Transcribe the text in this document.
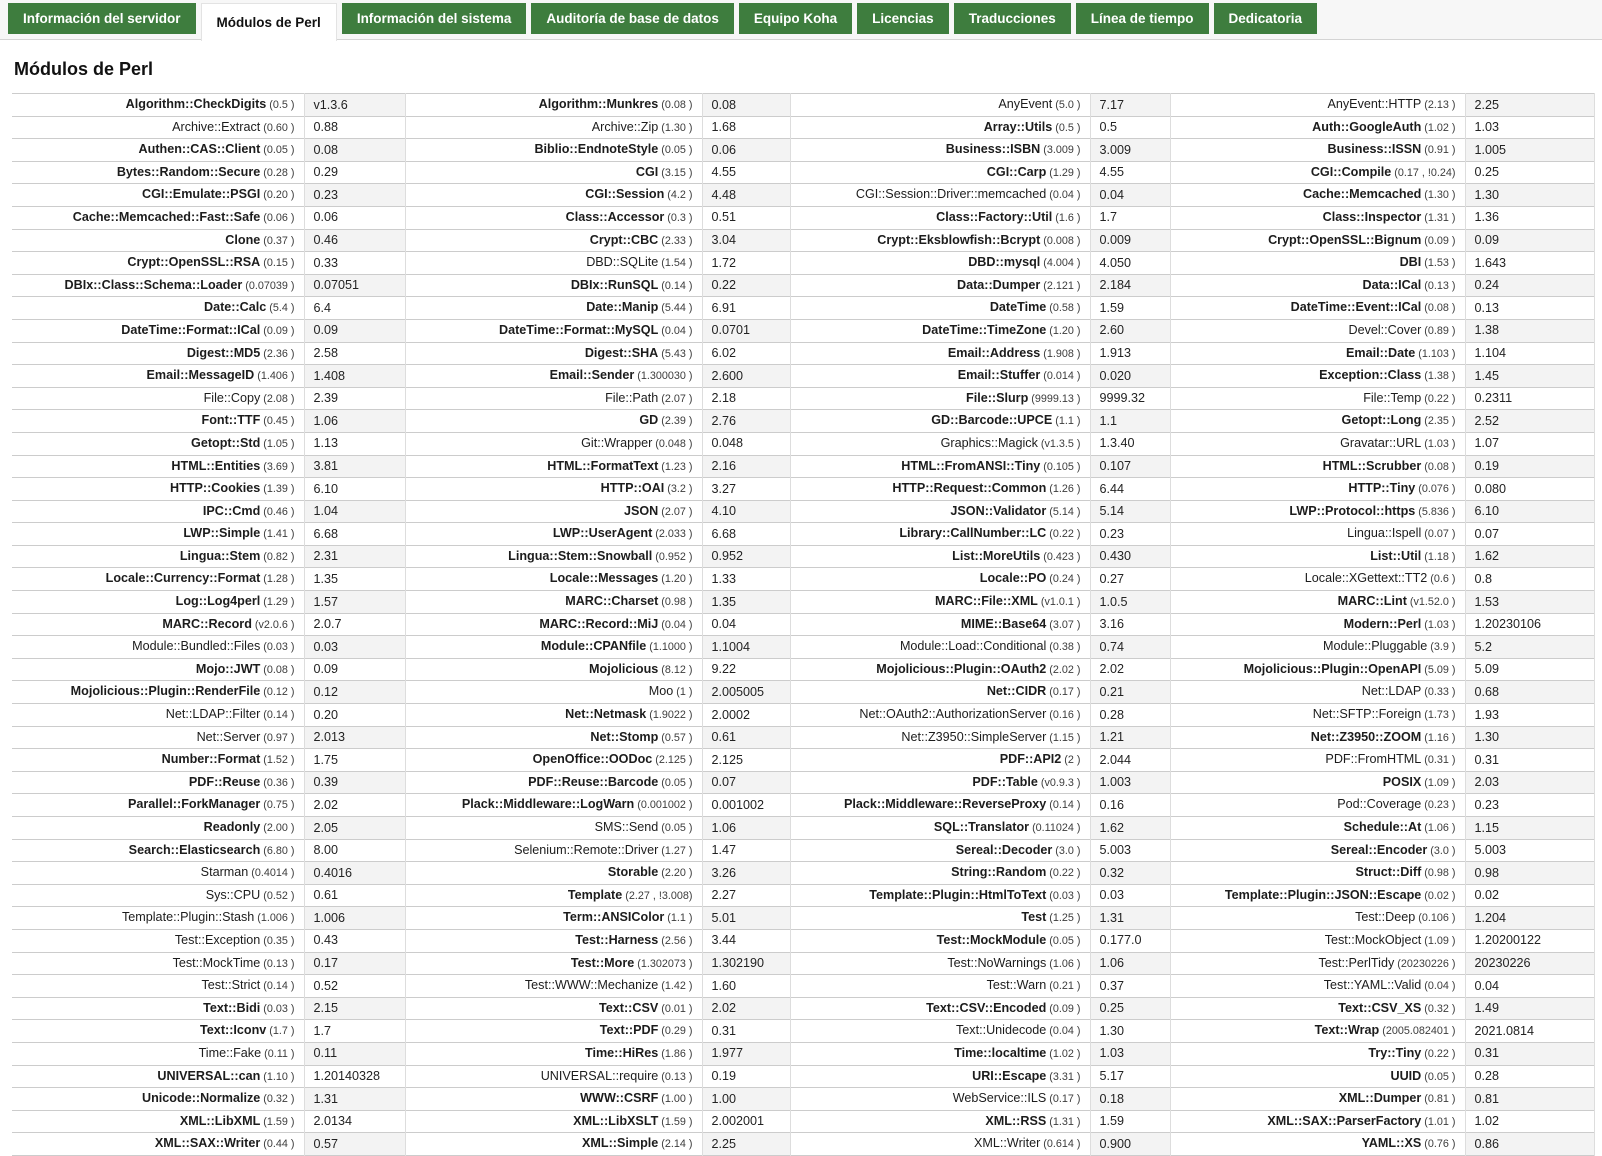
Información del servidor	Módulos de Perl	Información del sistema	Auditoría de base de datos	Equipo Koha	Licencias	Traducciones	Línea de tiempo	Dedicatoria
Módulos de Perl
Algorithm::CheckDigits (0.5 )	v1.3.6	Algorithm::Munkres (0.08 )	0.08	AnyEvent (5.0 )	7.17	AnyEvent::HTTP (2.13 )	2.25
Archive::Extract (0.60 )	0.88	Archive::Zip (1.30 )	1.68	Array::Utils (0.5 )	0.5	Auth::GoogleAuth (1.02 )	1.03
Authen::CAS::Client (0.05 )	0.08	Biblio::EndnoteStyle (0.05 )	0.06	Business::ISBN (3.009 )	3.009	Business::ISSN (0.91 )	1.005
Bytes::Random::Secure (0.28 )	0.29	CGI (3.15 )	4.55	CGI::Carp (1.29 )	4.55	CGI::Compile (0.17 , !0.24)	0.25
CGI::Emulate::PSGI (0.20 )	0.23	CGI::Session (4.2 )	4.48	CGI::Session::Driver::memcached (0.04 )	0.04	Cache::Memcached (1.30 )	1.30
Cache::Memcached::Fast::Safe (0.06 )	0.06	Class::Accessor (0.3 )	0.51	Class::Factory::Util (1.6 )	1.7	Class::Inspector (1.31 )	1.36
Clone (0.37 )	0.46	Crypt::CBC (2.33 )	3.04	Crypt::Eksblowfish::Bcrypt (0.008 )	0.009	Crypt::OpenSSL::Bignum (0.09 )	0.09
Crypt::OpenSSL::RSA (0.15 )	0.33	DBD::SQLite (1.54 )	1.72	DBD::mysql (4.004 )	4.050	DBI (1.53 )	1.643
DBIx::Class::Schema::Loader (0.07039 )	0.07051	DBIx::RunSQL (0.14 )	0.22	Data::Dumper (2.121 )	2.184	Data::ICal (0.13 )	0.24
Date::Calc (5.4 )	6.4	Date::Manip (5.44 )	6.91	DateTime (0.58 )	1.59	DateTime::Event::ICal (0.08 )	0.13
DateTime::Format::ICal (0.09 )	0.09	DateTime::Format::MySQL (0.04 )	0.0701	DateTime::TimeZone (1.20 )	2.60	Devel::Cover (0.89 )	1.38
Digest::MD5 (2.36 )	2.58	Digest::SHA (5.43 )	6.02	Email::Address (1.908 )	1.913	Email::Date (1.103 )	1.104
Email::MessageID (1.406 )	1.408	Email::Sender (1.300030 )	2.600	Email::Stuffer (0.014 )	0.020	Exception::Class (1.38 )	1.45
File::Copy (2.08 )	2.39	File::Path (2.07 )	2.18	File::Slurp (9999.13 )	9999.32	File::Temp (0.22 )	0.2311
Font::TTF (0.45 )	1.06	GD (2.39 )	2.76	GD::Barcode::UPCE (1.1 )	1.1	Getopt::Long (2.35 )	2.52
Getopt::Std (1.05 )	1.13	Git::Wrapper (0.048 )	0.048	Graphics::Magick (v1.3.5 )	1.3.40	Gravatar::URL (1.03 )	1.07
HTML::Entities (3.69 )	3.81	HTML::FormatText (1.23 )	2.16	HTML::FromANSI::Tiny (0.105 )	0.107	HTML::Scrubber (0.08 )	0.19
HTTP::Cookies (1.39 )	6.10	HTTP::OAI (3.2 )	3.27	HTTP::Request::Common (1.26 )	6.44	HTTP::Tiny (0.076 )	0.080
IPC::Cmd (0.46 )	1.04	JSON (2.07 )	4.10	JSON::Validator (5.14 )	5.14	LWP::Protocol::https (5.836 )	6.10
LWP::Simple (1.41 )	6.68	LWP::UserAgent (2.033 )	6.68	Library::CallNumber::LC (0.22 )	0.23	Lingua::Ispell (0.07 )	0.07
Lingua::Stem (0.82 )	2.31	Lingua::Stem::Snowball (0.952 )	0.952	List::MoreUtils (0.423 )	0.430	List::Util (1.18 )	1.62
Locale::Currency::Format (1.28 )	1.35	Locale::Messages (1.20 )	1.33	Locale::PO (0.24 )	0.27	Locale::XGettext::TT2 (0.6 )	0.8
Log::Log4perl (1.29 )	1.57	MARC::Charset (0.98 )	1.35	MARC::File::XML (v1.0.1 )	1.0.5	MARC::Lint (v1.52.0 )	1.53
MARC::Record (v2.0.6 )	2.0.7	MARC::Record::MiJ (0.04 )	0.04	MIME::Base64 (3.07 )	3.16	Modern::Perl (1.03 )	1.20230106
Module::Bundled::Files (0.03 )	0.03	Module::CPANfile (1.1000 )	1.1004	Module::Load::Conditional (0.38 )	0.74	Module::Pluggable (3.9 )	5.2
Mojo::JWT (0.08 )	0.09	Mojolicious (8.12 )	9.22	Mojolicious::Plugin::OAuth2 (2.02 )	2.02	Mojolicious::Plugin::OpenAPI (5.09 )	5.09
Mojolicious::Plugin::RenderFile (0.12 )	0.12	Moo (1 )	2.005005	Net::CIDR (0.17 )	0.21	Net::LDAP (0.33 )	0.68
Net::LDAP::Filter (0.14 )	0.20	Net::Netmask (1.9022 )	2.0002	Net::OAuth2::AuthorizationServer (0.16 )	0.28	Net::SFTP::Foreign (1.73 )	1.93
Net::Server (0.97 )	2.013	Net::Stomp (0.57 )	0.61	Net::Z3950::SimpleServer (1.15 )	1.21	Net::Z3950::ZOOM (1.16 )	1.30
Number::Format (1.52 )	1.75	OpenOffice::OODoc (2.125 )	2.125	PDF::API2 (2 )	2.044	PDF::FromHTML (0.31 )	0.31
PDF::Reuse (0.36 )	0.39	PDF::Reuse::Barcode (0.05 )	0.07	PDF::Table (v0.9.3 )	1.003	POSIX (1.09 )	2.03
Parallel::ForkManager (0.75 )	2.02	Plack::Middleware::LogWarn (0.001002 )	0.001002	Plack::Middleware::ReverseProxy (0.14 )	0.16	Pod::Coverage (0.23 )	0.23
Readonly (2.00 )	2.05	SMS::Send (0.05 )	1.06	SQL::Translator (0.11024 )	1.62	Schedule::At (1.06 )	1.15
Search::Elasticsearch (6.80 )	8.00	Selenium::Remote::Driver (1.27 )	1.47	Sereal::Decoder (3.0 )	5.003	Sereal::Encoder (3.0 )	5.003
Starman (0.4014 )	0.4016	Storable (2.20 )	3.26	String::Random (0.22 )	0.32	Struct::Diff (0.98 )	0.98
Sys::CPU (0.52 )	0.61	Template (2.27 , !3.008)	2.27	Template::Plugin::HtmlToText (0.03 )	0.03	Template::Plugin::JSON::Escape (0.02 )	0.02
Template::Plugin::Stash (1.006 )	1.006	Term::ANSIColor (1.1 )	5.01	Test (1.25 )	1.31	Test::Deep (0.106 )	1.204
Test::Exception (0.35 )	0.43	Test::Harness (2.56 )	3.44	Test::MockModule (0.05 )	0.177.0	Test::MockObject (1.09 )	1.20200122
Test::MockTime (0.13 )	0.17	Test::More (1.302073 )	1.302190	Test::NoWarnings (1.06 )	1.06	Test::PerlTidy (20230226 )	20230226
Test::Strict (0.14 )	0.52	Test::WWW::Mechanize (1.42 )	1.60	Test::Warn (0.21 )	0.37	Test::YAML::Valid (0.04 )	0.04
Text::Bidi (0.03 )	2.15	Text::CSV (0.01 )	2.02	Text::CSV::Encoded (0.09 )	0.25	Text::CSV_XS (0.32 )	1.49
Text::Iconv (1.7 )	1.7	Text::PDF (0.29 )	0.31	Text::Unidecode (0.04 )	1.30	Text::Wrap (2005.082401 )	2021.0814
Time::Fake (0.11 )	0.11	Time::HiRes (1.86 )	1.977	Time::localtime (1.02 )	1.03	Try::Tiny (0.22 )	0.31
UNIVERSAL::can (1.10 )	1.20140328	UNIVERSAL::require (0.13 )	0.19	URI::Escape (3.31 )	5.17	UUID (0.05 )	0.28
Unicode::Normalize (0.32 )	1.31	WWW::CSRF (1.00 )	1.00	WebService::ILS (0.17 )	0.18	XML::Dumper (0.81 )	0.81
XML::LibXML (1.59 )	2.0134	XML::LibXSLT (1.59 )	2.002001	XML::RSS (1.31 )	1.59	XML::SAX::ParserFactory (1.01 )	1.02
XML::SAX::Writer (0.44 )	0.57	XML::Simple (2.14 )	2.25	XML::Writer (0.614 )	0.900	YAML::XS (0.76 )	0.86
